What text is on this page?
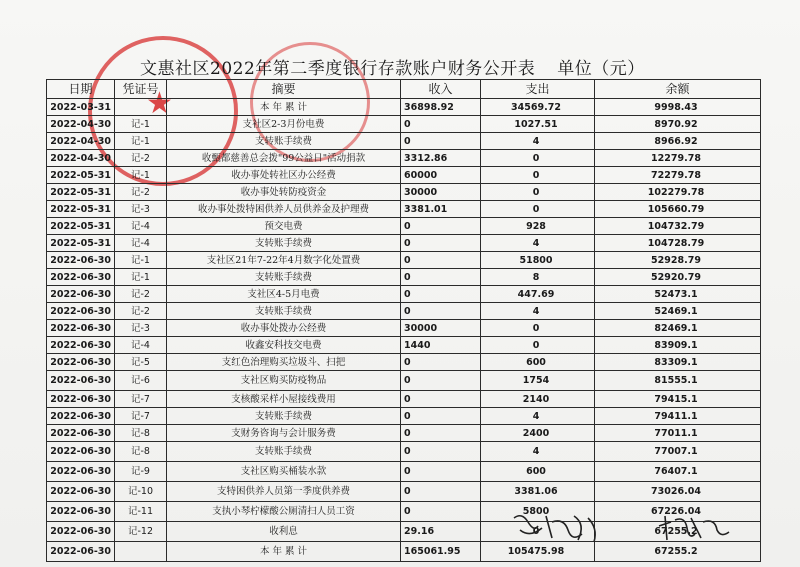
★
文惠社区2022年第二季度银行存款账户财务公开表 单位（元）
日期	凭证号	摘要	收入	支出	余额
2022-03-31		本 年 累 计	36898.92	34569.72	9998.43
2022-04-30	记-1	支社区2-3月份电费	0	1027.51	8970.92
2022-04-30	记-1	支转账手续费	0	4	8966.92
2022-04-30	记-2	收甄都慈善总会拨"99公益日"活动捐款	3312.86	0	12279.78
2022-05-31	记-1	收办事处转社区办公经费	60000	0	72279.78
2022-05-31	记-2	收办事处转防疫资金	30000	0	102279.78
2022-05-31	记-3	收办事处拨特困供养人员供养金及护理费	3381.01	0	105660.79
2022-05-31	记-4	预交电费	0	928	104732.79
2022-05-31	记-4	支转账手续费	0	4	104728.79
2022-06-30	记-1	支社区21年7-22年4月数字化处置费	0	51800	52928.79
2022-06-30	记-1	支转账手续费	0	8	52920.79
2022-06-30	记-2	支社区4-5月电费	0	447.69	52473.1
2022-06-30	记-2	支转账手续费	0	4	52469.1
2022-06-30	记-3	收办事处拨办公经费	30000	0	82469.1
2022-06-30	记-4	收鑫安科技交电费	1440	0	83909.1
2022-06-30	记-5	支红色治理购买垃圾斗、扫把	0	600	83309.1
2022-06-30	记-6	支社区购买防疫物品	0	1754	81555.1
2022-06-30	记-7	支核酸采样小屋接线费用	0	2140	79415.1
2022-06-30	记-7	支转账手续费	0	4	79411.1
2022-06-30	记-8	支财务咨询与会计服务费	0	2400	77011.1
2022-06-30	记-8	支转账手续费	0	4	77007.1
2022-06-30	记-9	支社区购买桶装水款	0	600	76407.1
2022-06-30	记-10	支特困供养人员第一季度供养费	0	3381.06	73026.04
2022-06-30	记-11	支执小琴柠檬酸公厕清扫人员工资	0	5800	67226.04
2022-06-30	记-12	收利息	29.16	0	67255.2
2022-06-30		本 年 累 计	165061.95	105475.98	67255.2
